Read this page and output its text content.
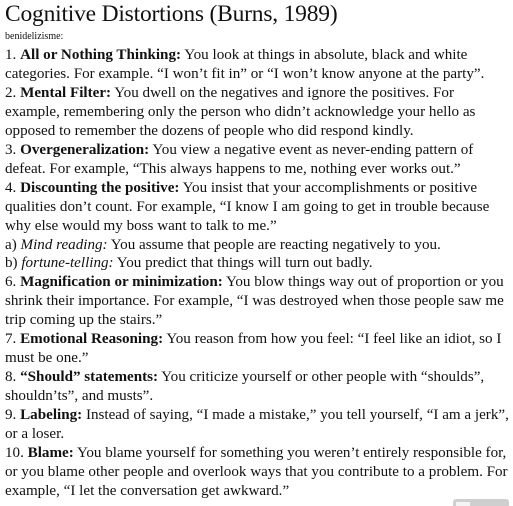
Cognitive Distortions (Burns, 1989)
benidelizisme:

1. All or Nothing Thinking: You look at things in absolute, black and white categories. For example. “I won’t fit in” or “I won’t know anyone at the party”.

2. Mental Filter: You dwell on the negatives and ignore the positives. For example, remembering only the person who didn’t acknowledge your hello as opposed to remember the dozens of people who did respond kindly.

3. Overgeneralization: You view a negative event as never-ending pattern of defeat. For example, “This always happens to me, nothing ever works out.”

4. Discounting the positive: You insist that your accomplishments or positive qualities don’t count. For example, “I know I am going to get in trouble because why else would my boss want to talk to me.”

a) Mind reading: You assume that people are reacting negatively to you.

b) fortune-telling: You predict that things will turn out badly.

6. Magnification or minimization: You blow things way out of proportion or you shrink their importance. For example, “I was destroyed when those people saw me trip coming up the stairs.”

7. Emotional Reasoning: You reason from how you feel: “I feel like an idiot, so I must be one.”

8. “Should” statements: You criticize yourself or other people with “shoulds”, shouldn’ts”, and musts”.

9. Labeling: Instead of saying, “I made a mistake,” you tell yourself, “I am a jerk”, or a loser.

10. Blame: You blame yourself for something you weren’t entirely responsible for, or you blame other people and overlook ways that you contribute to a problem. For example, “I let the conversation get awkward.”
